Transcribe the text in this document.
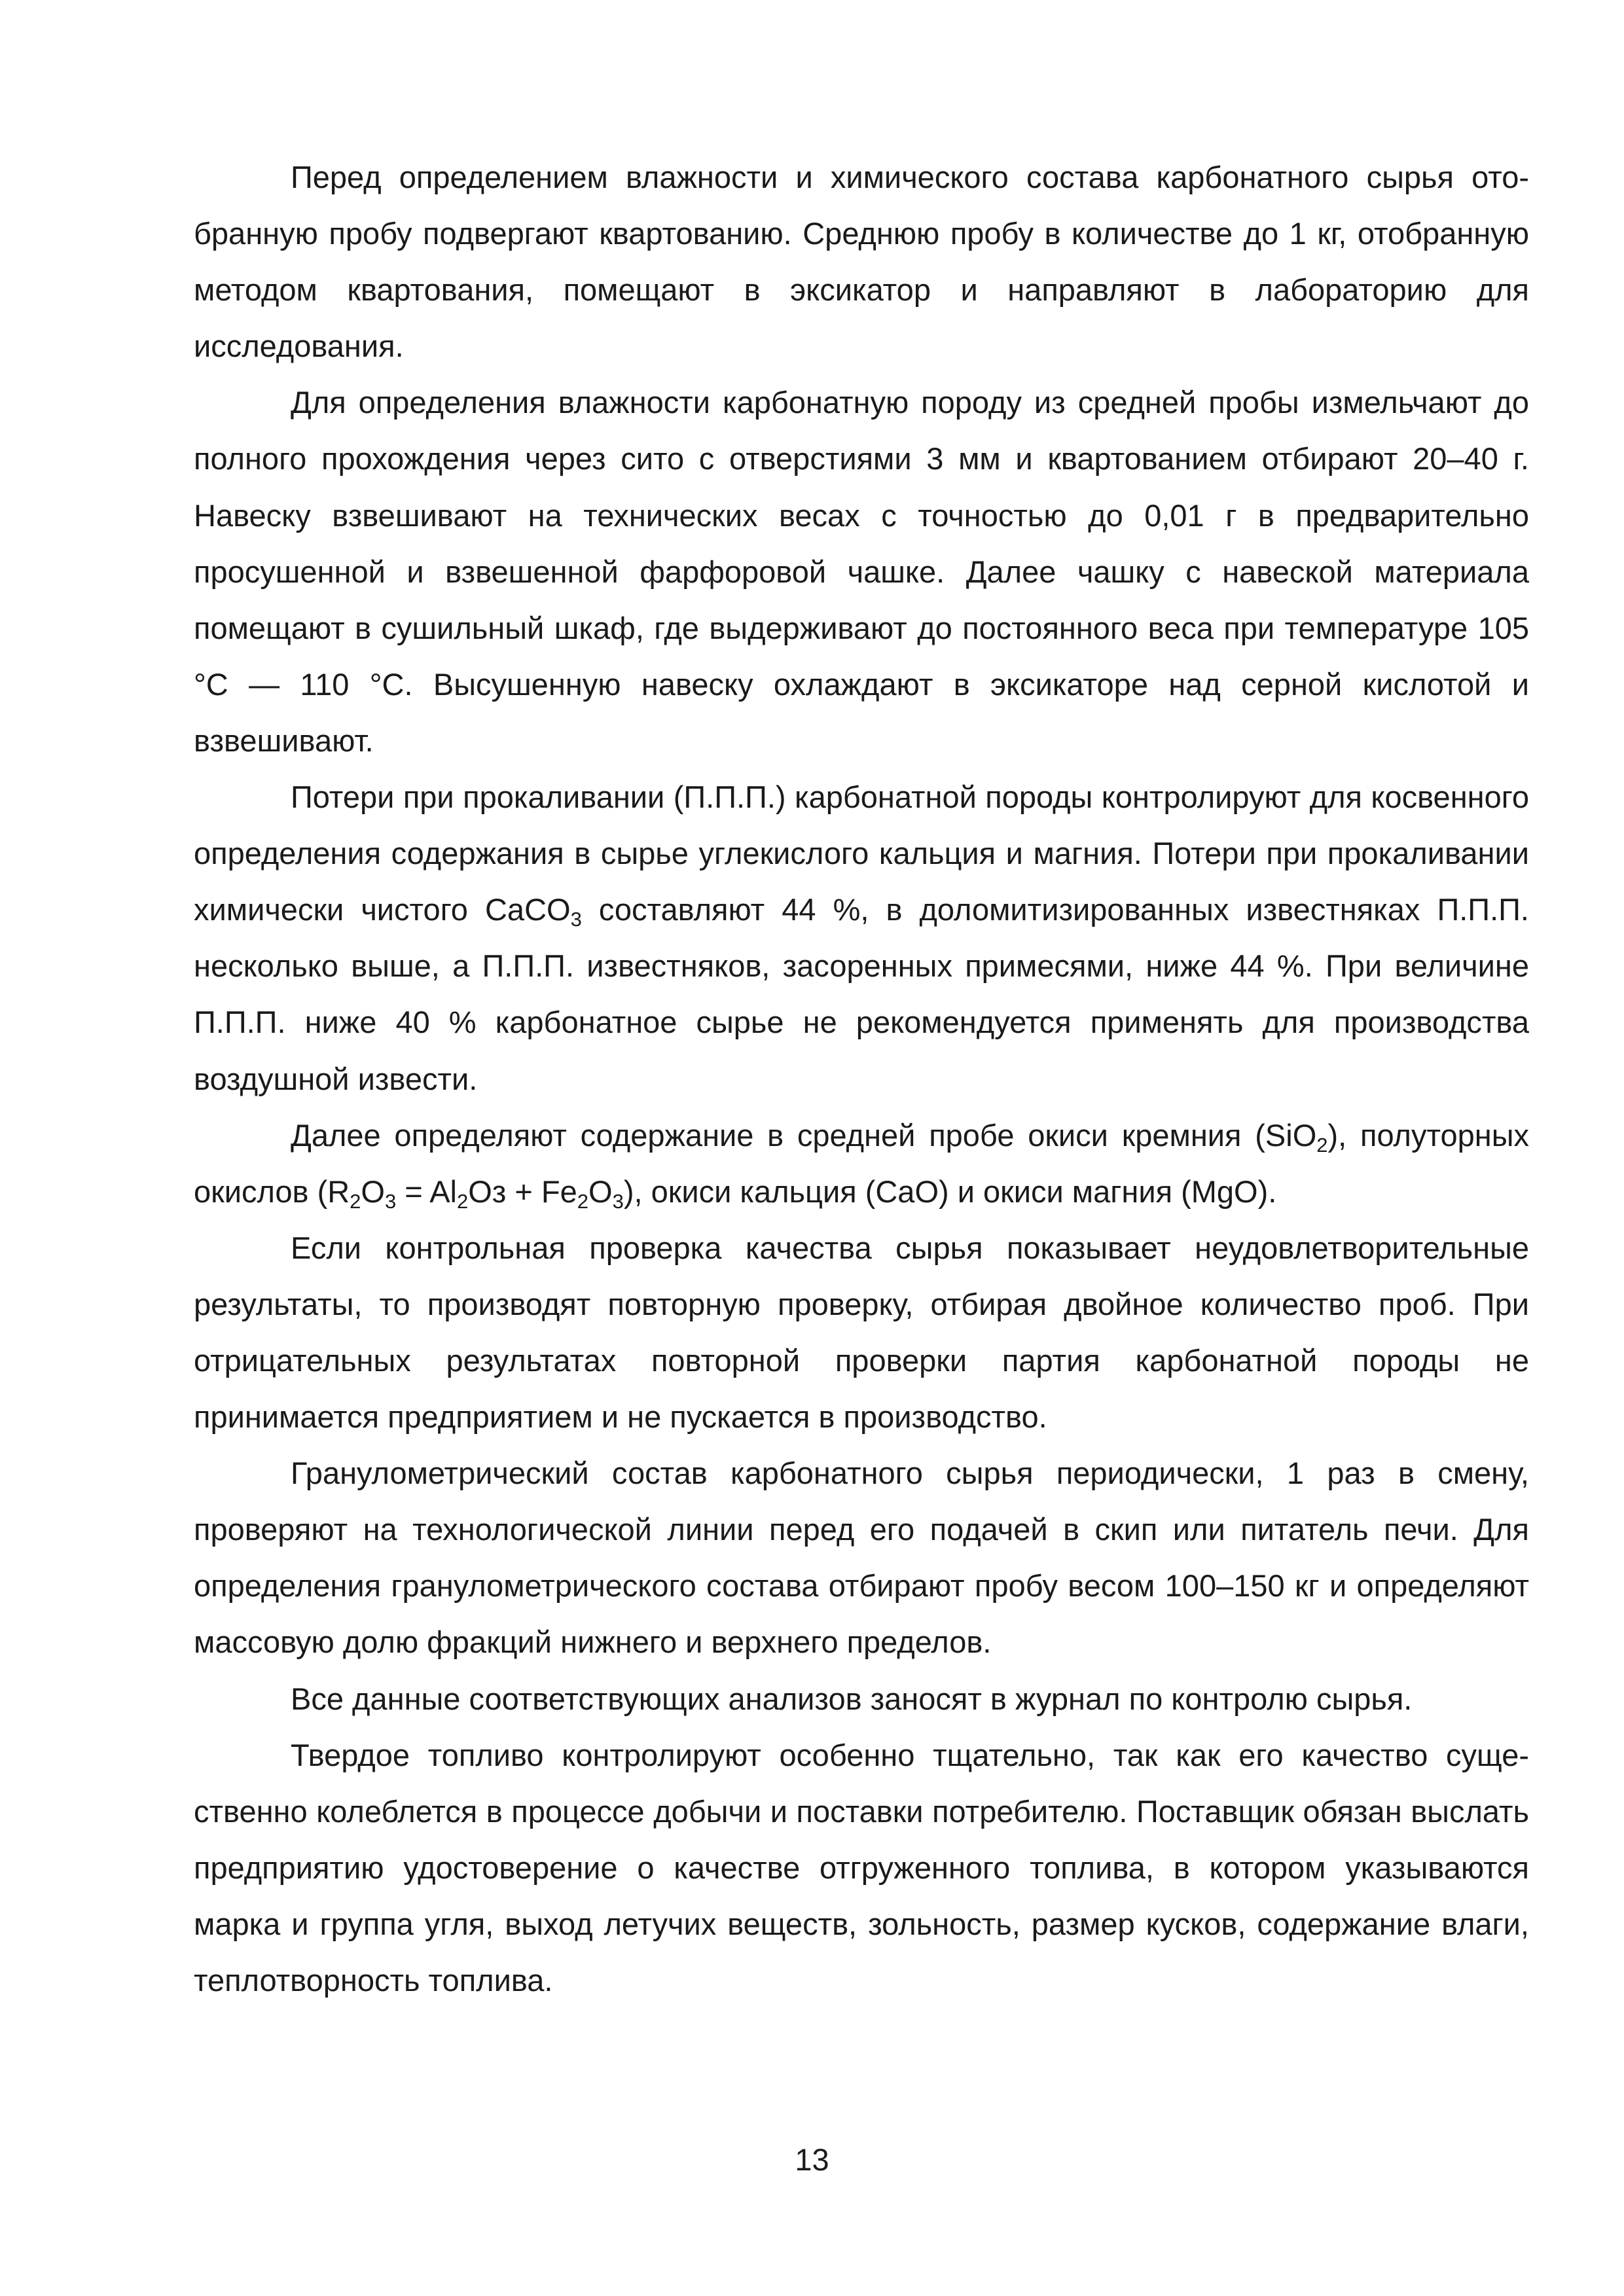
Перед определением влажности и химического состава карбонатного сырья отобранную пробу подвергают квартованию. Среднюю пробу в количестве до 1 кг, отобранную методом квартования, помещают в эксикатор и направляют в лабораторию для исследования.

Для определения влажности карбонатную породу из средней пробы измельчают до полного прохождения через сито с отверстиями 3 мм и квартованием отбирают 20–40 г. Навеску взвешивают на технических весах с точностью до 0,01 г в предварительно просушенной и взвешенной фарфоровой чашке. Далее чашку с навеской материала помещают в сушильный шкаф, где выдерживают до постоянного веса при температуре 105 °С — 110 °С. Высушенную навеску охлаждают в эксикаторе над серной кислотой и взвешивают.

Потери при прокаливании (П.П.П.) карбонатной породы контролируют для косвенного определения содержания в сырье углекислого кальция и магния. Потери при прокаливании химически чистого CaCO$_3$ составляют 44 %, в доломитизированных известняках П.П.П. несколько выше, а П.П.П. известняков, засоренных примесями, ниже 44 %. При величине П.П.П. ниже 40 % карбонатное сырье не рекомендуется применять для производства воздушной извести.

Далее определяют содержание в средней пробе окиси кремния (SiO$_2$), полуторных окислов $(R_2O_3 = Al_2Oз + Fe_2O_3)$, окиси кальция (CaO) и окиси магния (MgO).

Если контрольная проверка качества сырья показывает неудовлетворительные результаты, то производят повторную проверку, отбирая двойное количество проб. При отрицательных результатах повторной проверки партия карбонатной породы не принимается предприятием и не пускается в производство.

Гранулометрический состав карбонатного сырья периодически, 1 раз в смену, проверяют на технологической линии перед его подачей в скип или питатель печи. Для определения гранулометрического состава отбирают пробу весом 100–150 кг и определяют массовую долю фракций нижнего и верхнего пределов.

Все данные соответствующих анализов заносят в журнал по контролю сырья.

Твердое топливо контролируют особенно тщательно, так как его качество существенно колеблется в процессе добычи и поставки потребителю. Поставщик обязан выслать предприятию удостоверение о качестве отгруженного топлива, в котором указываются марка и группа угля, выход летучих веществ, зольность, размер кусков, содержание влаги, теплотворность топлива.

13
